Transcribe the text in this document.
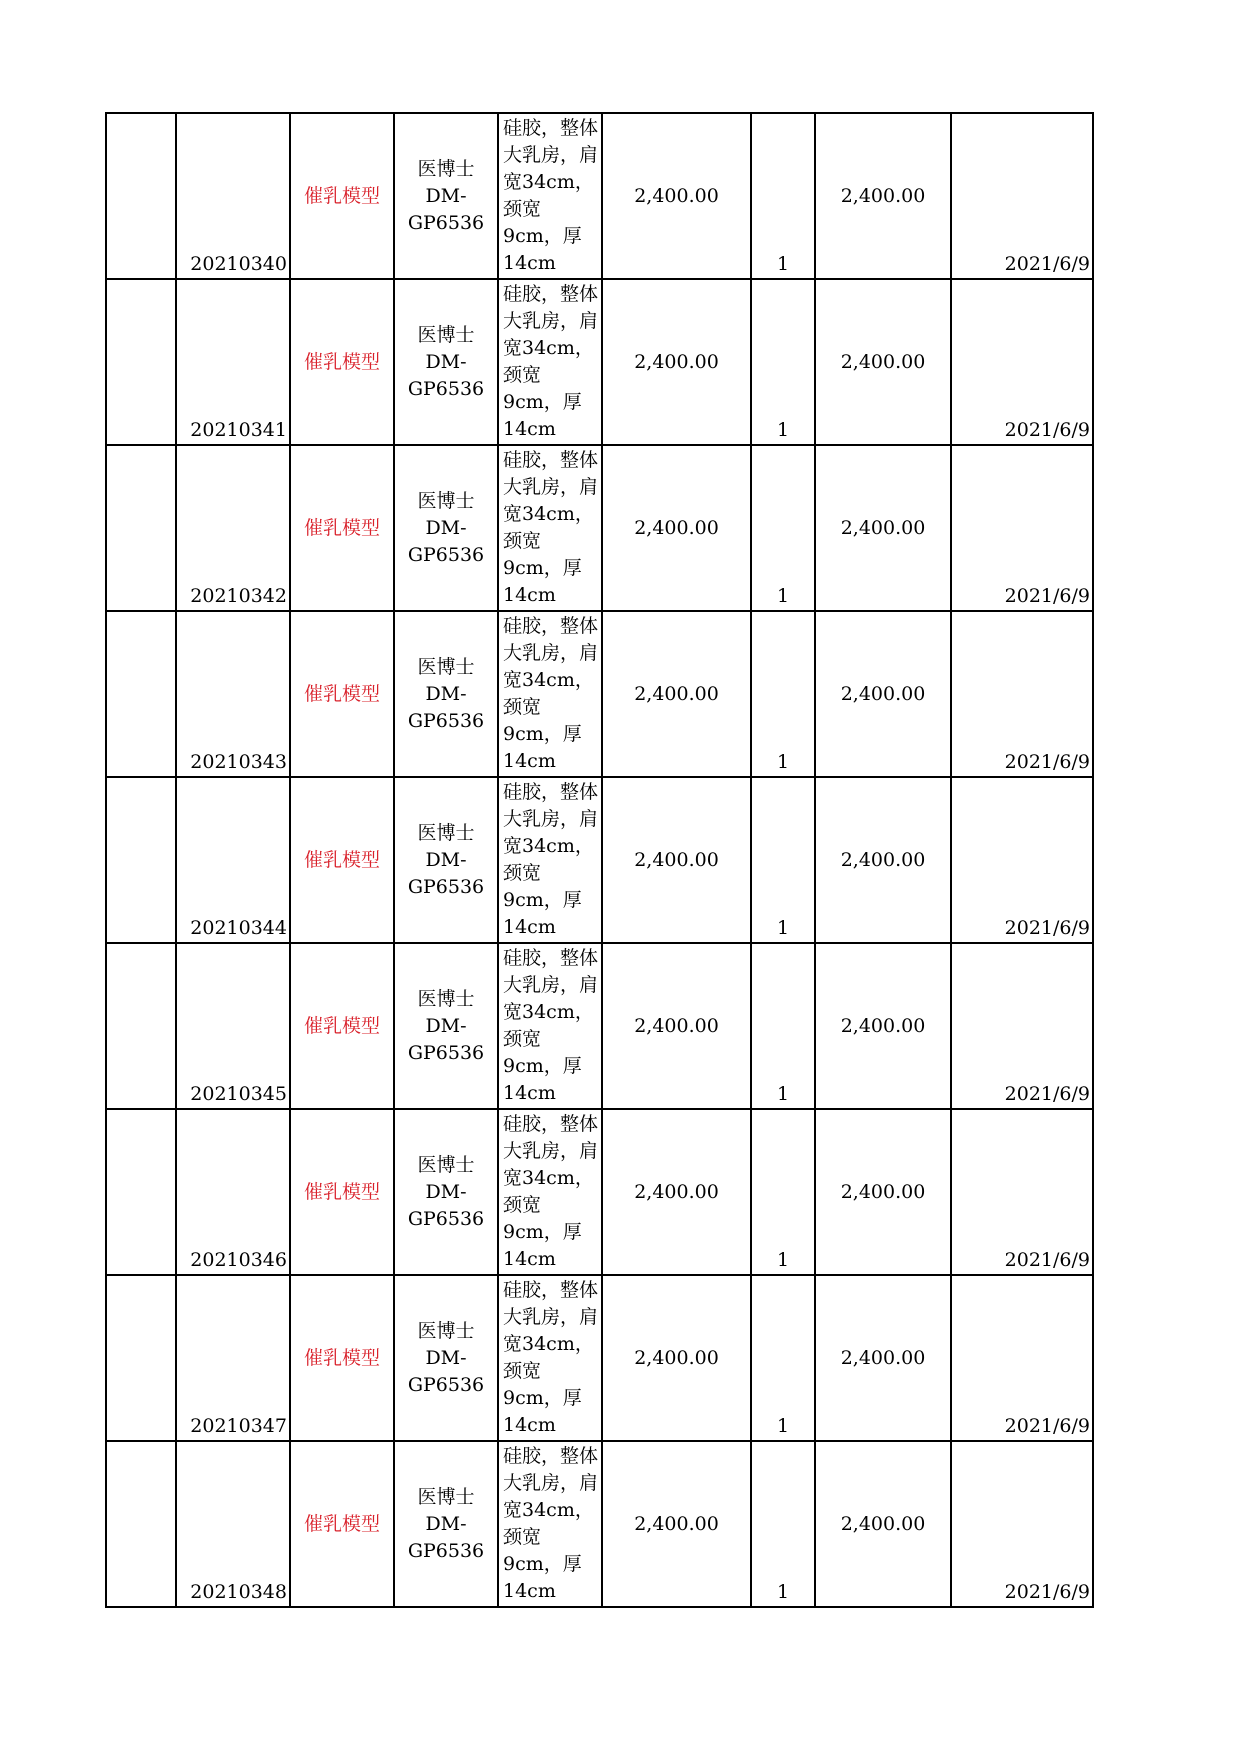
	20210340	催乳模型	医博士
DM-
GP6536	硅胶，整体大乳房，肩宽34cm，颈宽9cm，厚14cm	2,400.00	1	2,400.00	2021/6/9
	20210341	催乳模型	医博士
DM-
GP6536	硅胶，整体大乳房，肩宽34cm，颈宽9cm，厚14cm	2,400.00	1	2,400.00	2021/6/9
	20210342	催乳模型	医博士
DM-
GP6536	硅胶，整体大乳房，肩宽34cm，颈宽9cm，厚14cm	2,400.00	1	2,400.00	2021/6/9
	20210343	催乳模型	医博士
DM-
GP6536	硅胶，整体大乳房，肩宽34cm，颈宽9cm，厚14cm	2,400.00	1	2,400.00	2021/6/9
	20210344	催乳模型	医博士
DM-
GP6536	硅胶，整体大乳房，肩宽34cm，颈宽9cm，厚14cm	2,400.00	1	2,400.00	2021/6/9
	20210345	催乳模型	医博士
DM-
GP6536	硅胶，整体大乳房，肩宽34cm，颈宽9cm，厚14cm	2,400.00	1	2,400.00	2021/6/9
	20210346	催乳模型	医博士
DM-
GP6536	硅胶，整体大乳房，肩宽34cm，颈宽9cm，厚14cm	2,400.00	1	2,400.00	2021/6/9
	20210347	催乳模型	医博士
DM-
GP6536	硅胶，整体大乳房，肩宽34cm，颈宽9cm，厚14cm	2,400.00	1	2,400.00	2021/6/9
	20210348	催乳模型	医博士
DM-
GP6536	硅胶，整体大乳房，肩宽34cm，颈宽9cm，厚14cm	2,400.00	1	2,400.00	2021/6/9
